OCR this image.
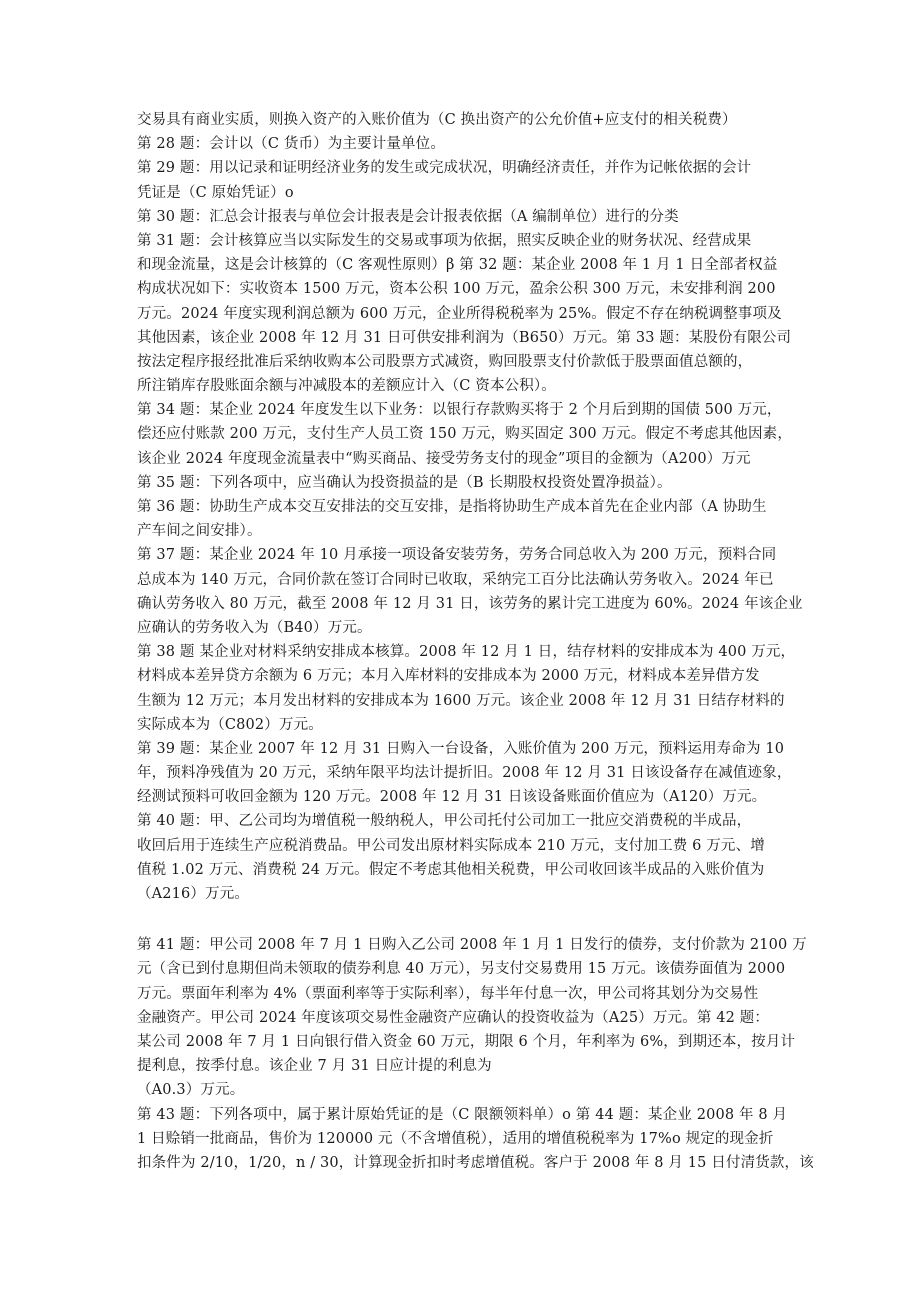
交易具有商业实质，则换入资产的入账价值为（C 换出资产的公允价值+应支付的相关税费）
第 28 题：会计以（C 货币）为主要计量单位。
第 29 题：用以记录和证明经济业务的发生或完成状况，明确经济责任，并作为记帐依据的会计
凭证是（C 原始凭证）o
第 30 题：汇总会计报表与单位会计报表是会计报表依据（A 编制单位）进行的分类
第 31 题：会计核算应当以实际发生的交易或事项为依据，照实反映企业的财务状况、经营成果
和现金流量，这是会计核算的（C 客观性原则）β 第 32 题：某企业 2008 年 1 月 1 日全部者权益
构成状况如下：实收资本 1500 万元，资本公积 100 万元，盈余公积 300 万元，未安排利润 200
万元。2024 年度实现利润总额为 600 万元，企业所得税税率为 25%。假定不存在纳税调整事项及
其他因素，该企业 2008 年 12 月 31 日可供安排利润为（B650）万元。第 33 题：某股份有限公司
按法定程序报经批准后采纳收购本公司股票方式减资，购回股票支付价款低于股票面值总额的，
所注销库存股账面余额与冲减股本的差额应计入（C 资本公积）。
第 34 题：某企业 2024 年度发生以下业务：以银行存款购买将于 2 个月后到期的国债 500 万元，
偿还应付账款 200 万元，支付生产人员工资 150 万元，购买固定 300 万元。假定不考虑其他因素，
该企业 2024 年度现金流量表中“购买商品、接受劳务支付的现金”项目的金额为（A200）万元
第 35 题：下列各项中，应当确认为投资损益的是（B 长期股权投资处置净损益）。
第 36 题：协助生产成本交互安排法的交互安排，是指将协助生产成本首先在企业内部（A 协助生
产车间之间安排）。
第 37 题：某企业 2024 年 10 月承接一项设备安装劳务，劳务合同总收入为 200 万元，预料合同
总成本为 140 万元，合同价款在签订合同时已收取，采纳完工百分比法确认劳务收入。2024 年已
确认劳务收入 80 万元，截至 2008 年 12 月 31 日，该劳务的累计完工进度为 60%。2024 年该企业
应确认的劳务收入为（B40）万元。
第 38 题 某企业对材料采纳安排成本核算。2008 年 12 月 1 日，结存材料的安排成本为 400 万元，
材料成本差异贷方余额为 6 万元；本月入库材料的安排成本为 2000 万元，材料成本差异借方发
生额为 12 万元；本月发出材料的安排成本为 1600 万元。该企业 2008 年 12 月 31 日结存材料的
实际成本为（C802）万元。
第 39 题：某企业 2007 年 12 月 31 日购入一台设备，入账价值为 200 万元，预料运用寿命为 10
年，预料净残值为 20 万元，采纳年限平均法计提折旧。2008 年 12 月 31 日该设备存在减值迹象，
经测试预料可收回金额为 120 万元。2008 年 12 月 31 日该设备账面价值应为（A120）万元。
第 40 题：甲、乙公司均为增值税一般纳税人，甲公司托付公司加工一批应交消费税的半成品，
收回后用于连续生产应税消费品。甲公司发出原材料实际成本 210 万元，支付加工费 6 万元、增
值税 1.02 万元、消费税 24 万元。假定不考虑其他相关税费，甲公司收回该半成品的入账价值为
（A216）万元。
第 41 题：甲公司 2008 年 7 月 1 日购入乙公司 2008 年 1 月 1 日发行的债券，支付价款为 2100 万
元（含已到付息期但尚未领取的债券利息 40 万元），另支付交易费用 15 万元。该债券面值为 2000
万元。票面年利率为 4%（票面利率等于实际利率），每半年付息一次，甲公司将其划分为交易性
金融资产。甲公司 2024 年度该项交易性金融资产应确认的投资收益为（A25）万元。第 42 题：
某公司 2008 年 7 月 1 日向银行借入资金 60 万元，期限 6 个月，年利率为 6%，到期还本，按月计
提利息，按季付息。该企业 7 月 31 日应计提的利息为
（A0.3）万元。
第 43 题：下列各项中，属于累计原始凭证的是（C 限额领料单）o 第 44 题：某企业 2008 年 8 月
1 日赊销一批商品，售价为 120000 元（不含增值税），适用的增值税税率为 17%o 规定的现金折
扣条件为 2/10，1/20，n / 30，计算现金折扣时考虑增值税。客户于 2008 年 8 月 15 日付清货款，该
